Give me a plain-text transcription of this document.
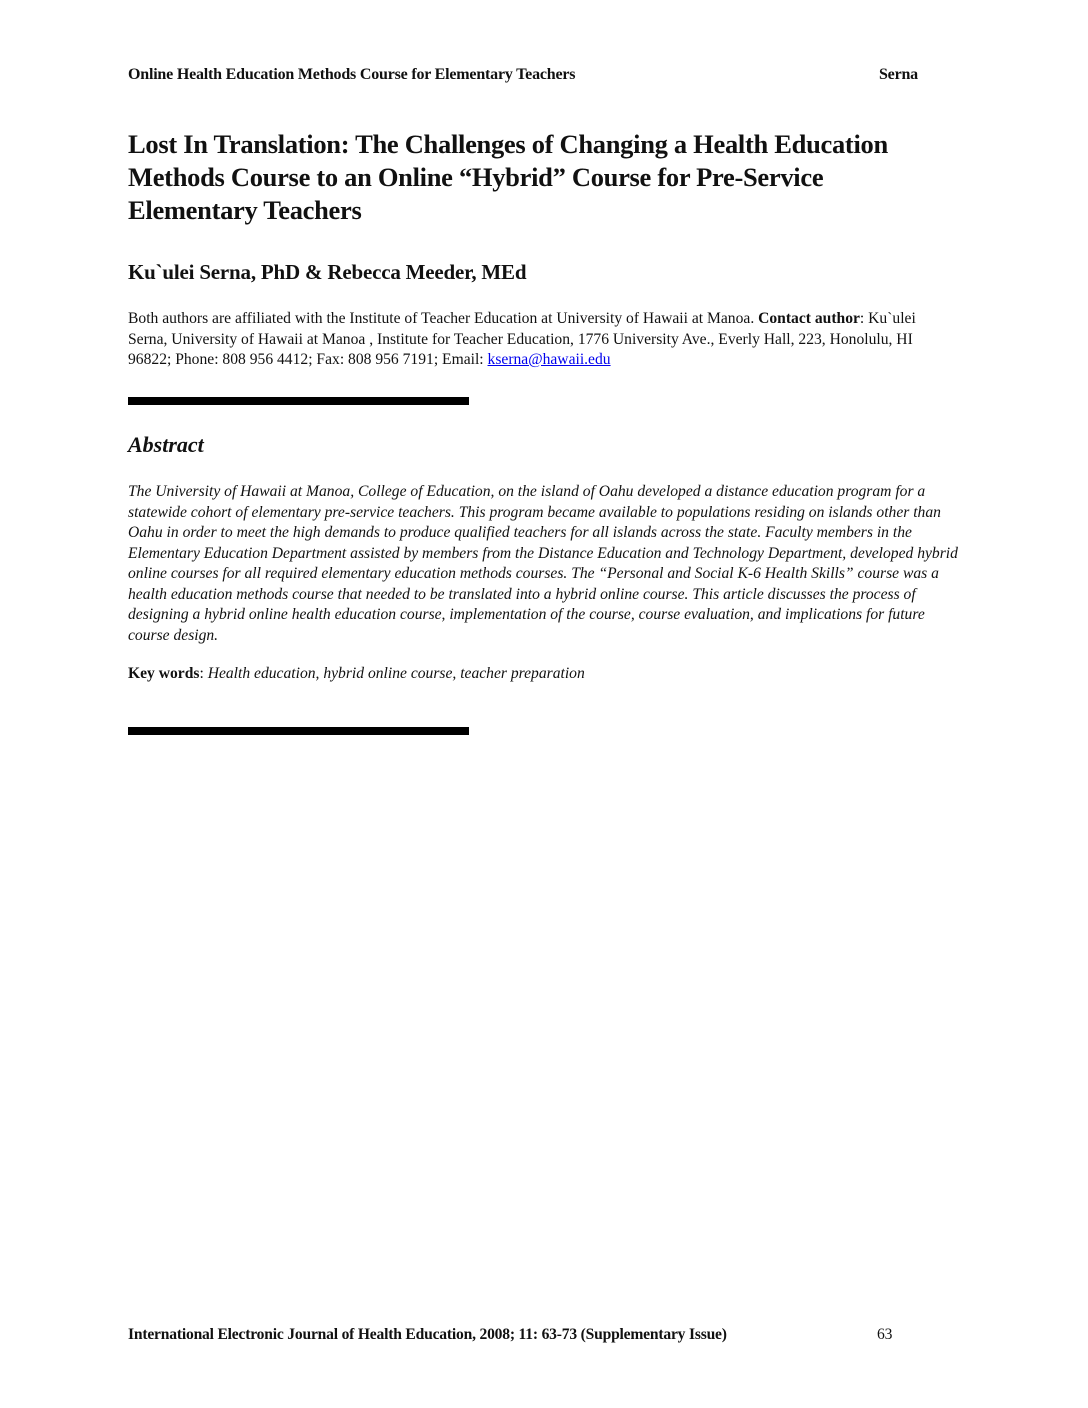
Online Health Education Methods Course for Elementary Teachers	Serna
Lost In Translation: The Challenges of Changing a Health Education Methods Course to an Online “Hybrid” Course for Pre-Service Elementary Teachers
Ku`ulei Serna, PhD & Rebecca Meeder, MEd

Both authors are affiliated with the Institute of Teacher Education at University of Hawaii at Manoa. Contact author: Ku`ulei Serna, University of Hawaii at Manoa , Institute for Teacher Education, 1776 University Ave., Everly Hall, 223, Honolulu, HI 96822; Phone: 808 956 4412; Fax: 808 956 7191; Email: kserna@hawaii.edu

Abstract

The University of Hawaii at Manoa, College of Education, on the island of Oahu developed a distance education program for a statewide cohort of elementary pre-service teachers. This program became available to populations residing on islands other than Oahu in order to meet the high demands to produce qualified teachers for all islands across the state. Faculty members in the Elementary Education Department assisted by members from the Distance Education and Technology Department, developed hybrid online courses for all required elementary education methods courses. The “Personal and Social K-6 Health Skills” course was a health education methods course that needed to be translated into a hybrid online course. This article discusses the process of designing a hybrid online health education course, implementation of the course, course evaluation, and implications for future course design.

Key words: Health education, hybrid online course, teacher preparation

International Electronic Journal of Health Education, 2008; 11: 63-73 (Supplementary Issue)	63
